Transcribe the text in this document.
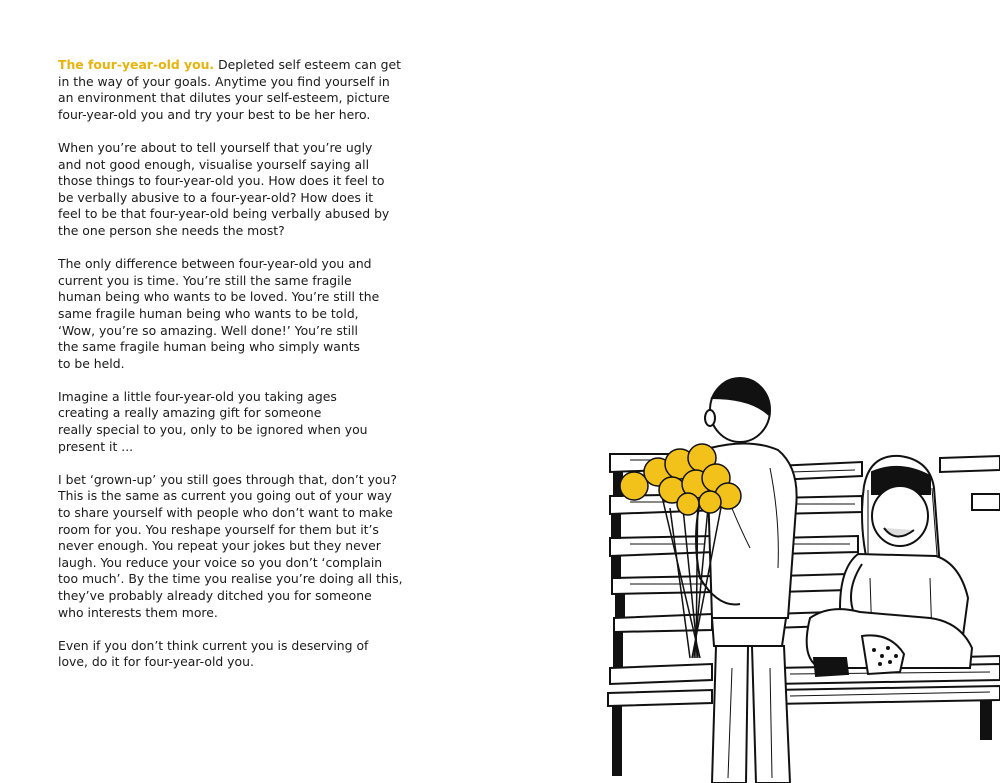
The four-year-old you. Depleted self esteem can get
in the way of your goals. Anytime you find yourself in
an environment that dilutes your self-esteem, picture
four-year-old you and try your best to be her hero.
When you’re about to tell yourself that you’re ugly
and not good enough, visualise yourself saying all
those things to four-year-old you. How does it feel to
be verbally abusive to a four-year-old? How does it
feel to be that four-year-old being verbally abused by
the one person she needs the most?
The only difference between four-year-old you and
current you is time. You’re still the same fragile
human being who wants to be loved. You’re still the
same fragile human being who wants to be told,
‘Wow, you’re so amazing. Well done!’ You’re still
the same fragile human being who simply wants
to be held.
Imagine a little four-year-old you taking ages
creating a really amazing gift for someone
really special to you, only to be ignored when you
present it ...
I bet ‘grown-up’ you still goes through that, don’t you?
This is the same as current you going out of your way
to share yourself with people who don’t want to make
room for you. You reshape yourself for them but it’s
never enough. You repeat your jokes but they never
laugh. You reduce your voice so you don’t ‘complain
too much’. By the time you realise you’re doing all this,
they’ve probably already ditched you for someone
who interests them more.
Even if you don’t think current you is deserving of
love, do it for four-year-old you.
